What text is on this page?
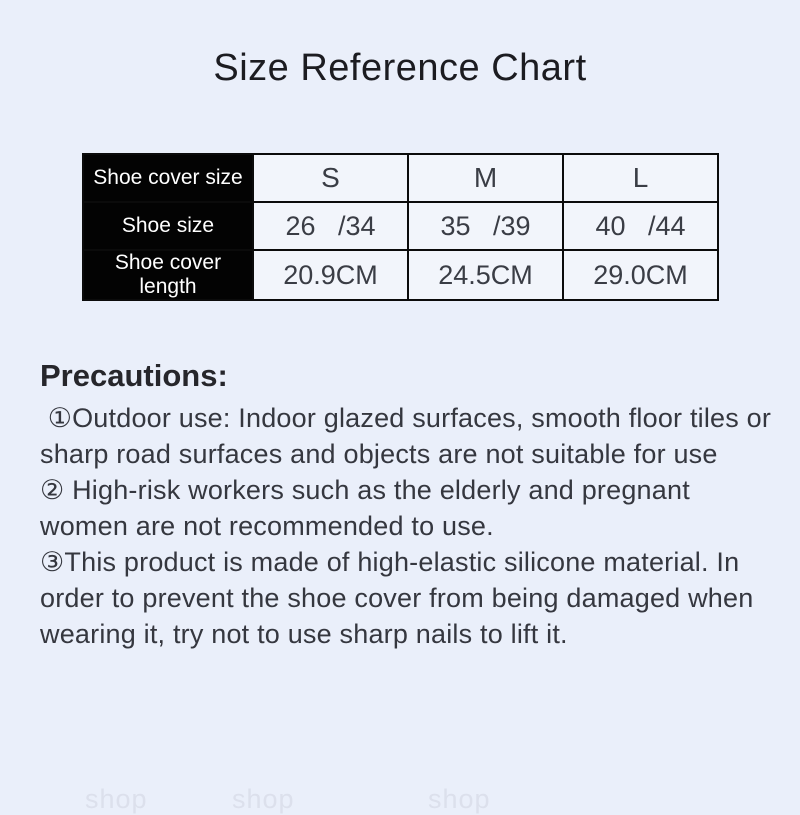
Size Reference Chart
Shoe cover size	S	M	L
Shoe size	26   /34	35   /39	40   /44
Shoe cover length	20.9CM	24.5CM	29.0CM
Precautions:

①Outdoor use: Indoor glazed surfaces, smooth floor tiles or sharp road surfaces and objects are not suitable for use

② High-risk workers such as the elderly and pregnant women are not recommended to use.

③This product is made of high-elastic silicone material. In order to prevent the shoe cover from being damaged when wearing it, try not to use sharp nails to lift it.

shop	shop	shop
